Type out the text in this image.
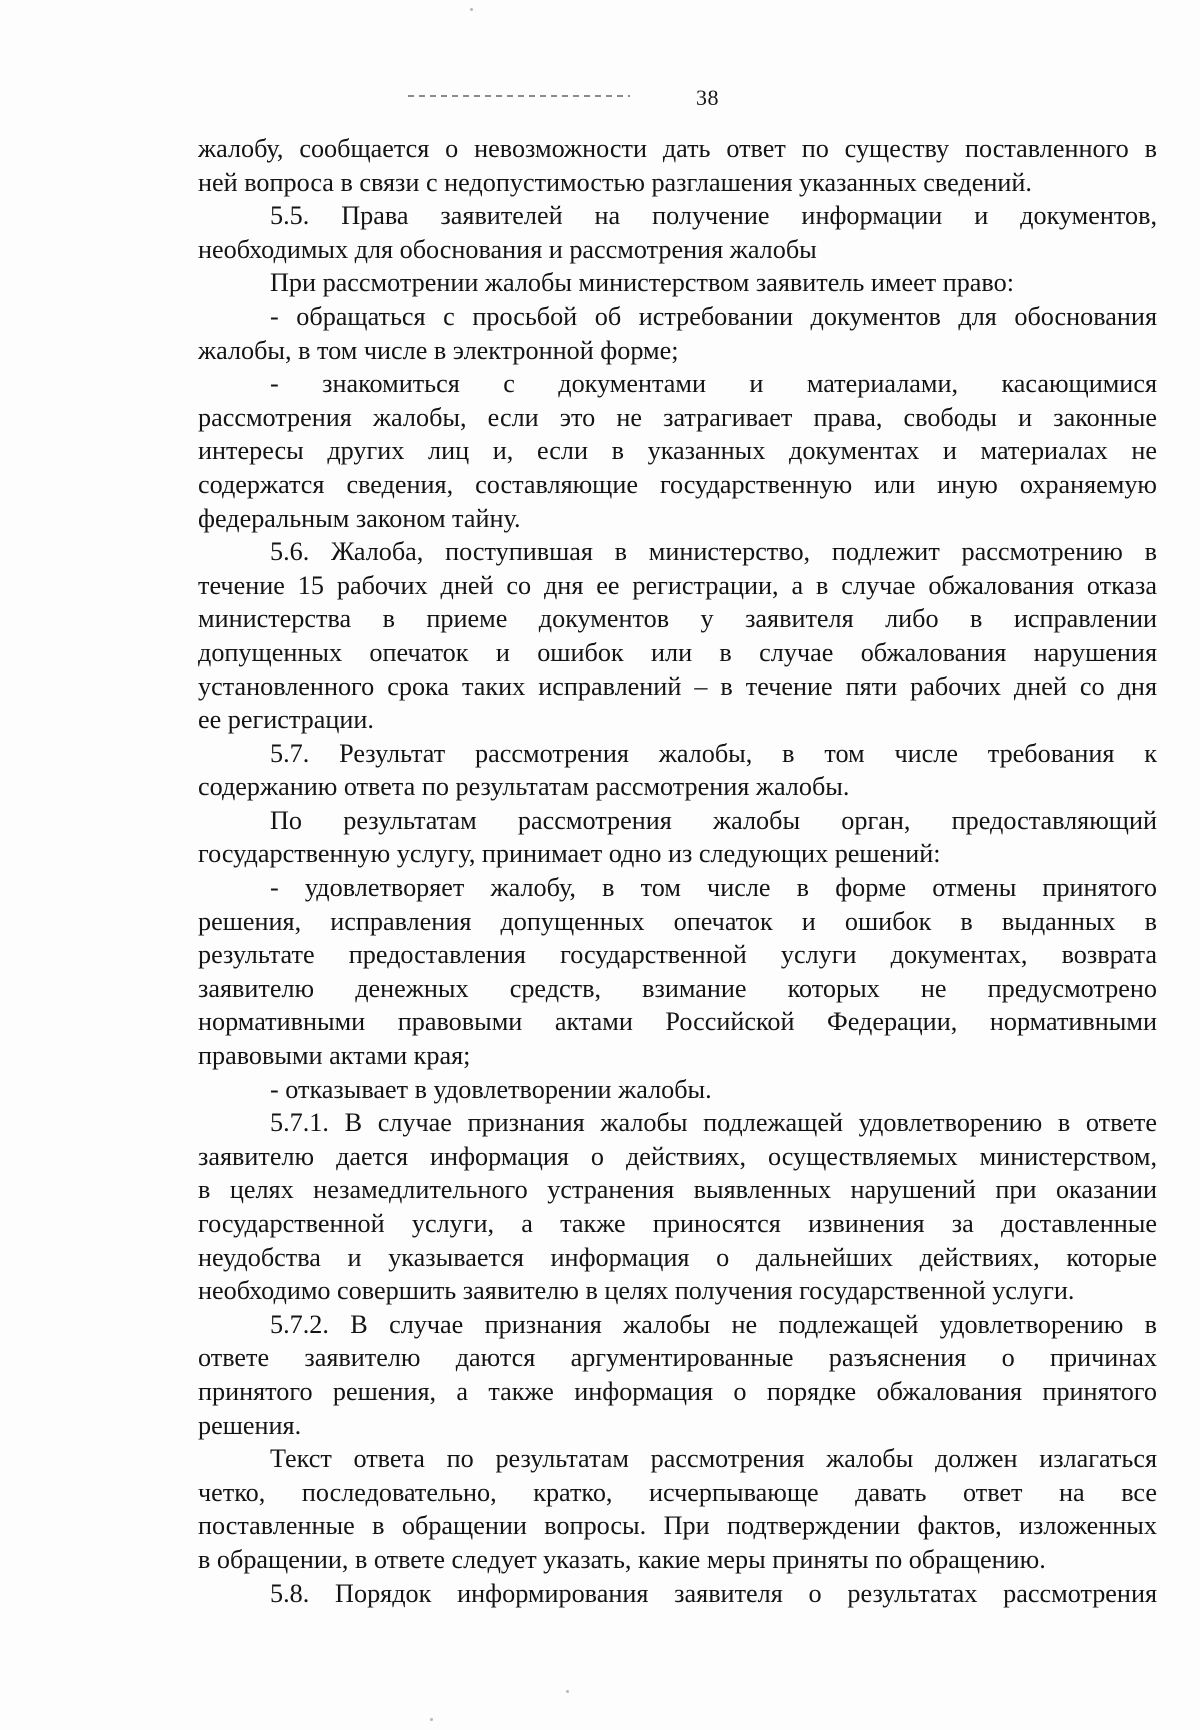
38
жалобу, сообщается о невозможности дать ответ по существу поставленного в
ней вопроса в связи с недопустимостью разглашения указанных сведений.
5.5. Права заявителей на получение информации и документов,
необходимых для обоснования и рассмотрения жалобы
При рассмотрении жалобы министерством заявитель имеет право:
- обращаться с просьбой об истребовании документов для обоснования
жалобы, в том числе в электронной форме;
- знакомиться с документами и материалами, касающимися
рассмотрения жалобы, если это не затрагивает права, свободы и законные
интересы других лиц и, если в указанных документах и материалах не
содержатся сведения, составляющие государственную или иную охраняемую
федеральным законом тайну.
5.6. Жалоба, поступившая в министерство, подлежит рассмотрению в
течение 15 рабочих дней со дня ее регистрации, а в случае обжалования отказа
министерства в приеме документов у заявителя либо в исправлении
допущенных опечаток и ошибок или в случае обжалования нарушения
установленного срока таких исправлений – в течение пяти рабочих дней со дня
ее регистрации.
5.7. Результат рассмотрения жалобы, в том числе требования к
содержанию ответа по результатам рассмотрения жалобы.
По результатам рассмотрения жалобы орган, предоставляющий
государственную услугу, принимает одно из следующих решений:
- удовлетворяет жалобу, в том числе в форме отмены принятого
решения, исправления допущенных опечаток и ошибок в выданных в
результате предоставления государственной услуги документах, возврата
заявителю денежных средств, взимание которых не предусмотрено
нормативными правовыми актами Российской Федерации, нормативными
правовыми актами края;
- отказывает в удовлетворении жалобы.
5.7.1. В случае признания жалобы подлежащей удовлетворению в ответе
заявителю дается информация о действиях, осуществляемых министерством,
в целях незамедлительного устранения выявленных нарушений при оказании
государственной услуги, а также приносятся извинения за доставленные
неудобства и указывается информация о дальнейших действиях, которые
необходимо совершить заявителю в целях получения государственной услуги.
5.7.2. В случае признания жалобы не подлежащей удовлетворению в
ответе заявителю даются аргументированные разъяснения о причинах
принятого решения, а также информация о порядке обжалования принятого
решения.
Текст ответа по результатам рассмотрения жалобы должен излагаться
четко, последовательно, кратко, исчерпывающе давать ответ на все
поставленные в обращении вопросы. При подтверждении фактов, изложенных
в обращении, в ответе следует указать, какие меры приняты по обращению.
5.8. Порядок информирования заявителя о результатах рассмотрения
